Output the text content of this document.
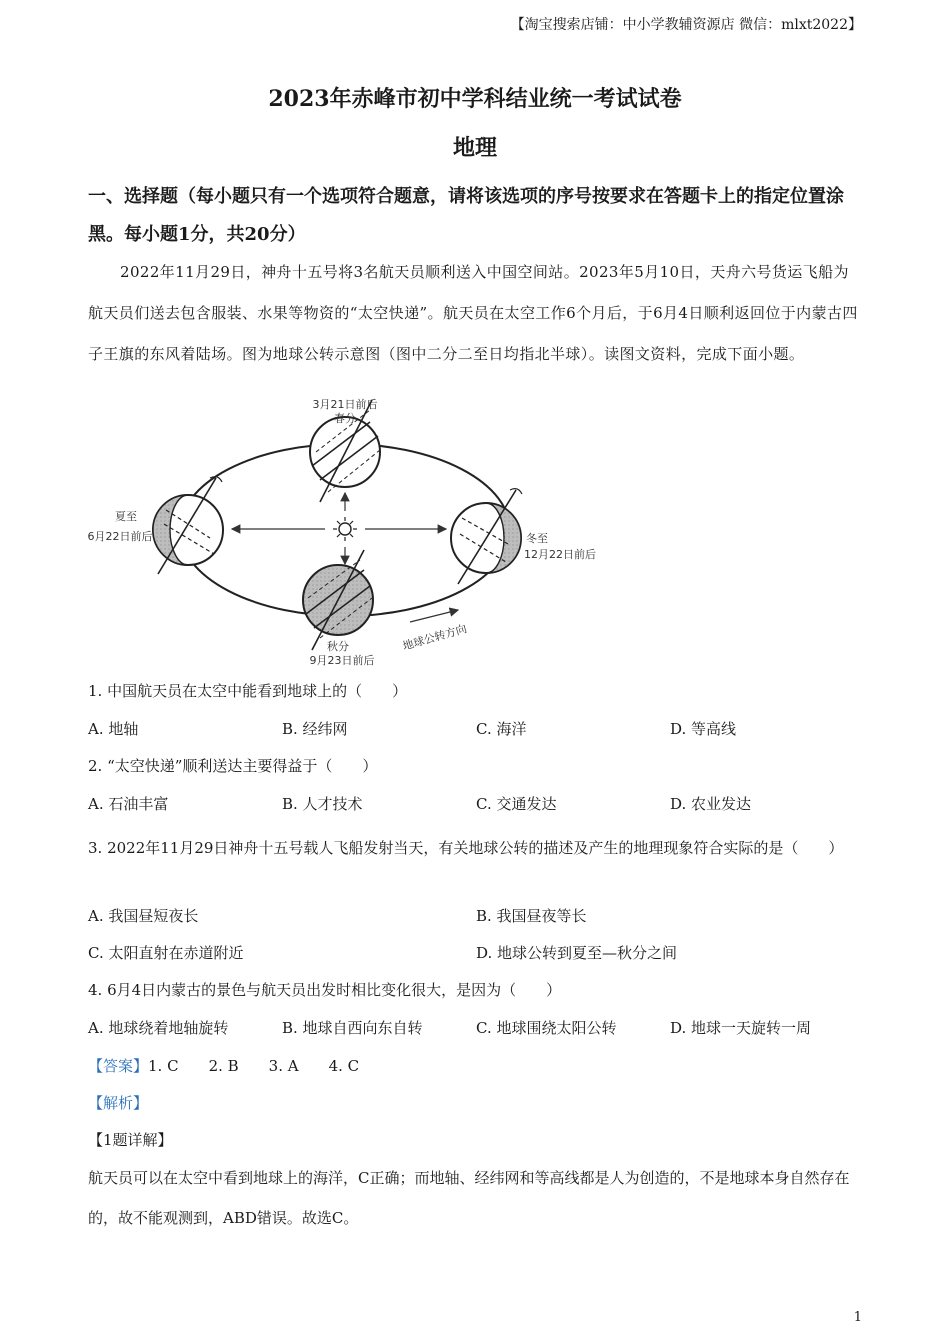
【淘宝搜索店铺：中小学教辅资源店 微信：mlxt2022】
2023年赤峰市初中学科结业统一考试试卷
地理
一、选择题（每小题只有一个选项符合题意，请将该选项的序号按要求在答题卡上的指定位置涂黑。每小题1分，共20分）
2022年11月29日，神舟十五号将3名航天员顺利送入中国空间站。2023年5月10日，天舟六号货运飞船为航天员们送去包含服装、水果等物资的“太空快递”。航天员在太空工作6个月后，于6月4日顺利返回位于内蒙古四子王旗的东风着陆场。图为地球公转示意图（图中二分二至日均指北半球）。读图文资料，完成下面小题。
3月21日前后
春分
夏至
6月22日前后	冬至
12月22日前后
秋分
9月23日前后
地球公转方向
1. 中国航天员在太空中能看到地球上的（　　）
A. 地轴	B. 经纬网	C. 海洋	D. 等高线
2. “太空快递”顺利送达主要得益于（　　）
A. 石油丰富	B. 人才技术	C. 交通发达	D. 农业发达
3. 2022年11月29日神舟十五号载人飞船发射当天，有关地球公转的描述及产生的地理现象符合实际的是（　　）
A. 我国昼短夜长	B. 我国昼夜等长
C. 太阳直射在赤道附近	D. 地球公转到夏至—秋分之间
4. 6月4日内蒙古的景色与航天员出发时相比变化很大，是因为（　　）
A. 地球绕着地轴旋转	B. 地球自西向东自转	C. 地球围绕太阳公转	D. 地球一天旋转一周
【答案】1. C　　2. B　　3. A　　4. C
【解析】
【1题详解】
航天员可以在太空中看到地球上的海洋，C正确；而地轴、经纬网和等高线都是人为创造的，不是地球本身自然存在的，故不能观测到，ABD错误。故选C。
1
